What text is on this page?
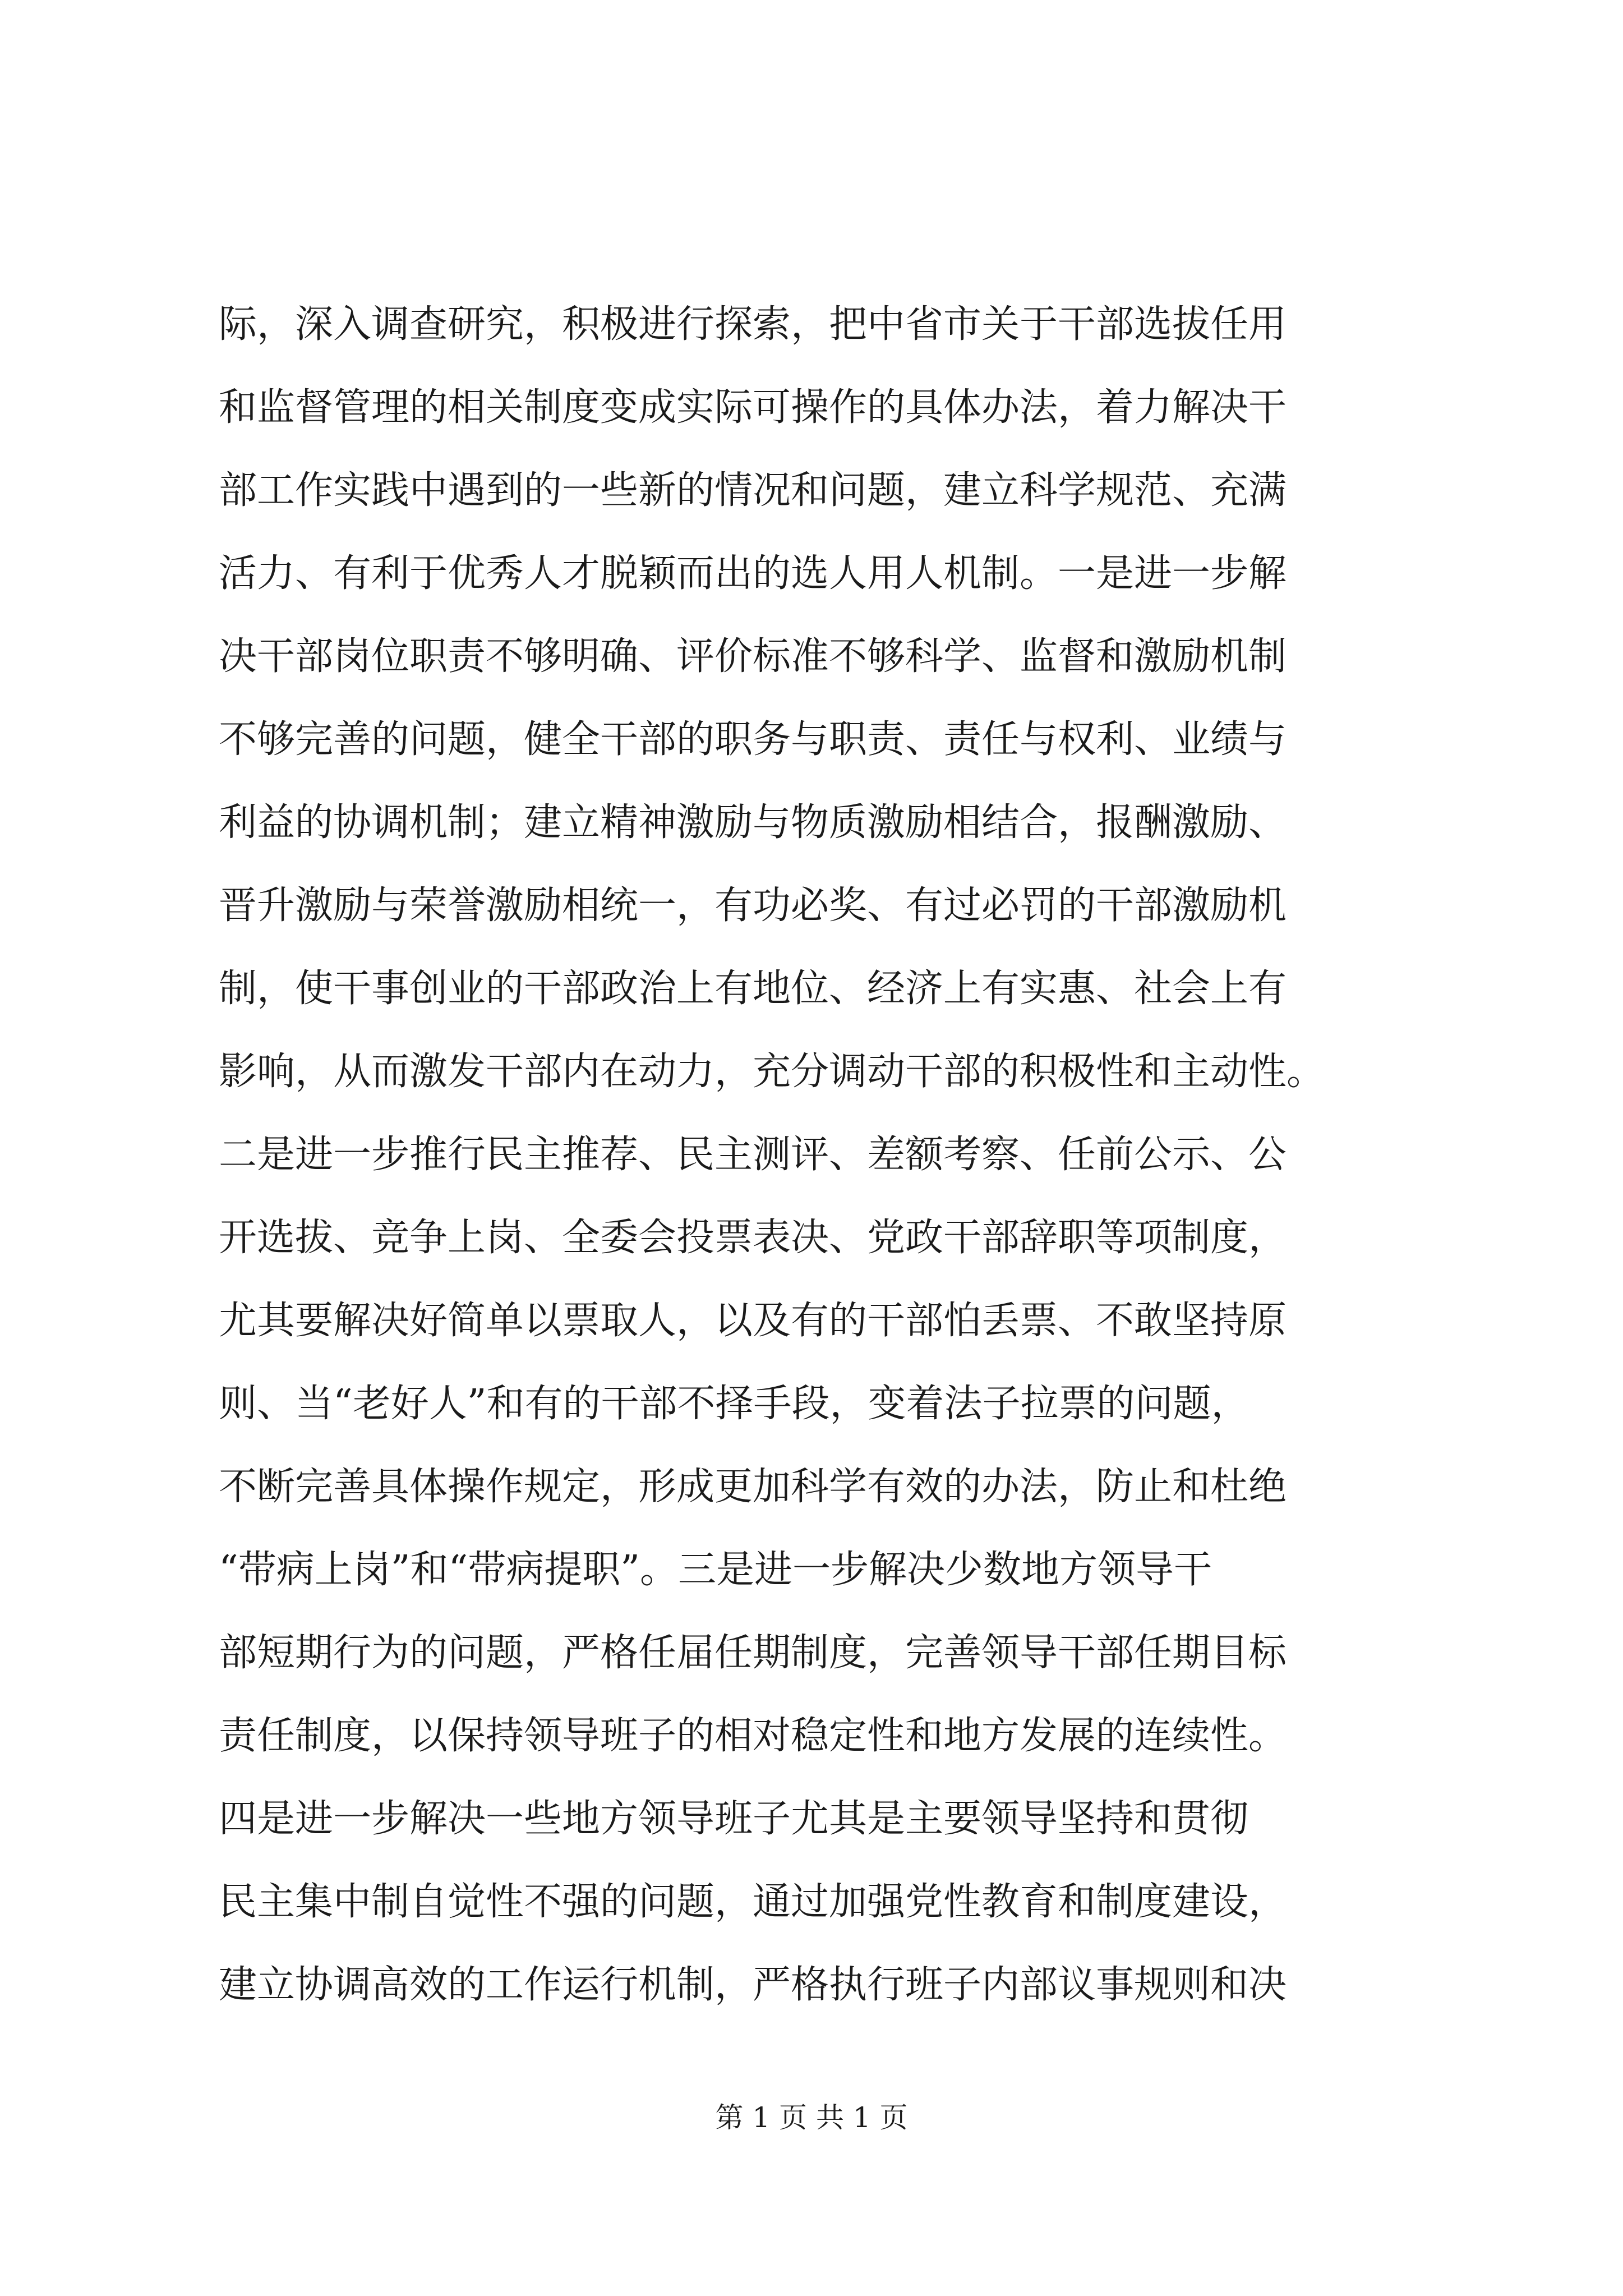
际，深入调查研究，积极进行探索，把中省市关于干部选拔任用
和监督管理的相关制度变成实际可操作的具体办法，着力解决干
部工作实践中遇到的一些新的情况和问题，建立科学规范、充满
活力、有利于优秀人才脱颖而出的选人用人机制。一是进一步解
决干部岗位职责不够明确、评价标准不够科学、监督和激励机制
不够完善的问题，健全干部的职务与职责、责任与权利、业绩与
利益的协调机制；建立精神激励与物质激励相结合，报酬激励、
晋升激励与荣誉激励相统一，有功必奖、有过必罚的干部激励机
制，使干事创业的干部政治上有地位、经济上有实惠、社会上有
影响，从而激发干部内在动力，充分调动干部的积极性和主动性。
二是进一步推行民主推荐、民主测评、差额考察、任前公示、公
开选拔、竞争上岗、全委会投票表决、党政干部辞职等项制度，
尤其要解决好简单以票取人，以及有的干部怕丢票、不敢坚持原
则、当“老好人”和有的干部不择手段，变着法子拉票的问题，
不断完善具体操作规定，形成更加科学有效的办法，防止和杜绝
“带病上岗”和“带病提职”。三是进一步解决少数地方领导干
部短期行为的问题，严格任届任期制度，完善领导干部任期目标
责任制度，以保持领导班子的相对稳定性和地方发展的连续性。
四是进一步解决一些地方领导班子尤其是主要领导坚持和贯彻
民主集中制自觉性不强的问题，通过加强党性教育和制度建设，
建立协调高效的工作运行机制，严格执行班子内部议事规则和决
第 1 页 共 1 页
